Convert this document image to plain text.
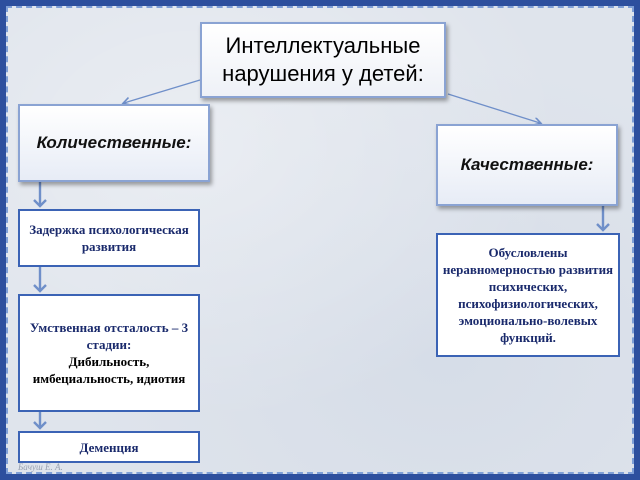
Интеллектуальные нарушения у детей:
Количественные:
Качественные:
Задержка психологическая развития
Умственная отсталость – 3 стадии:
Дибильность, имбециальность, идиотия
Деменция
Обусловлены неравномерностью развития психических, психофизиологических, эмоционально-волевых функций.
Бачуш Е. А.
